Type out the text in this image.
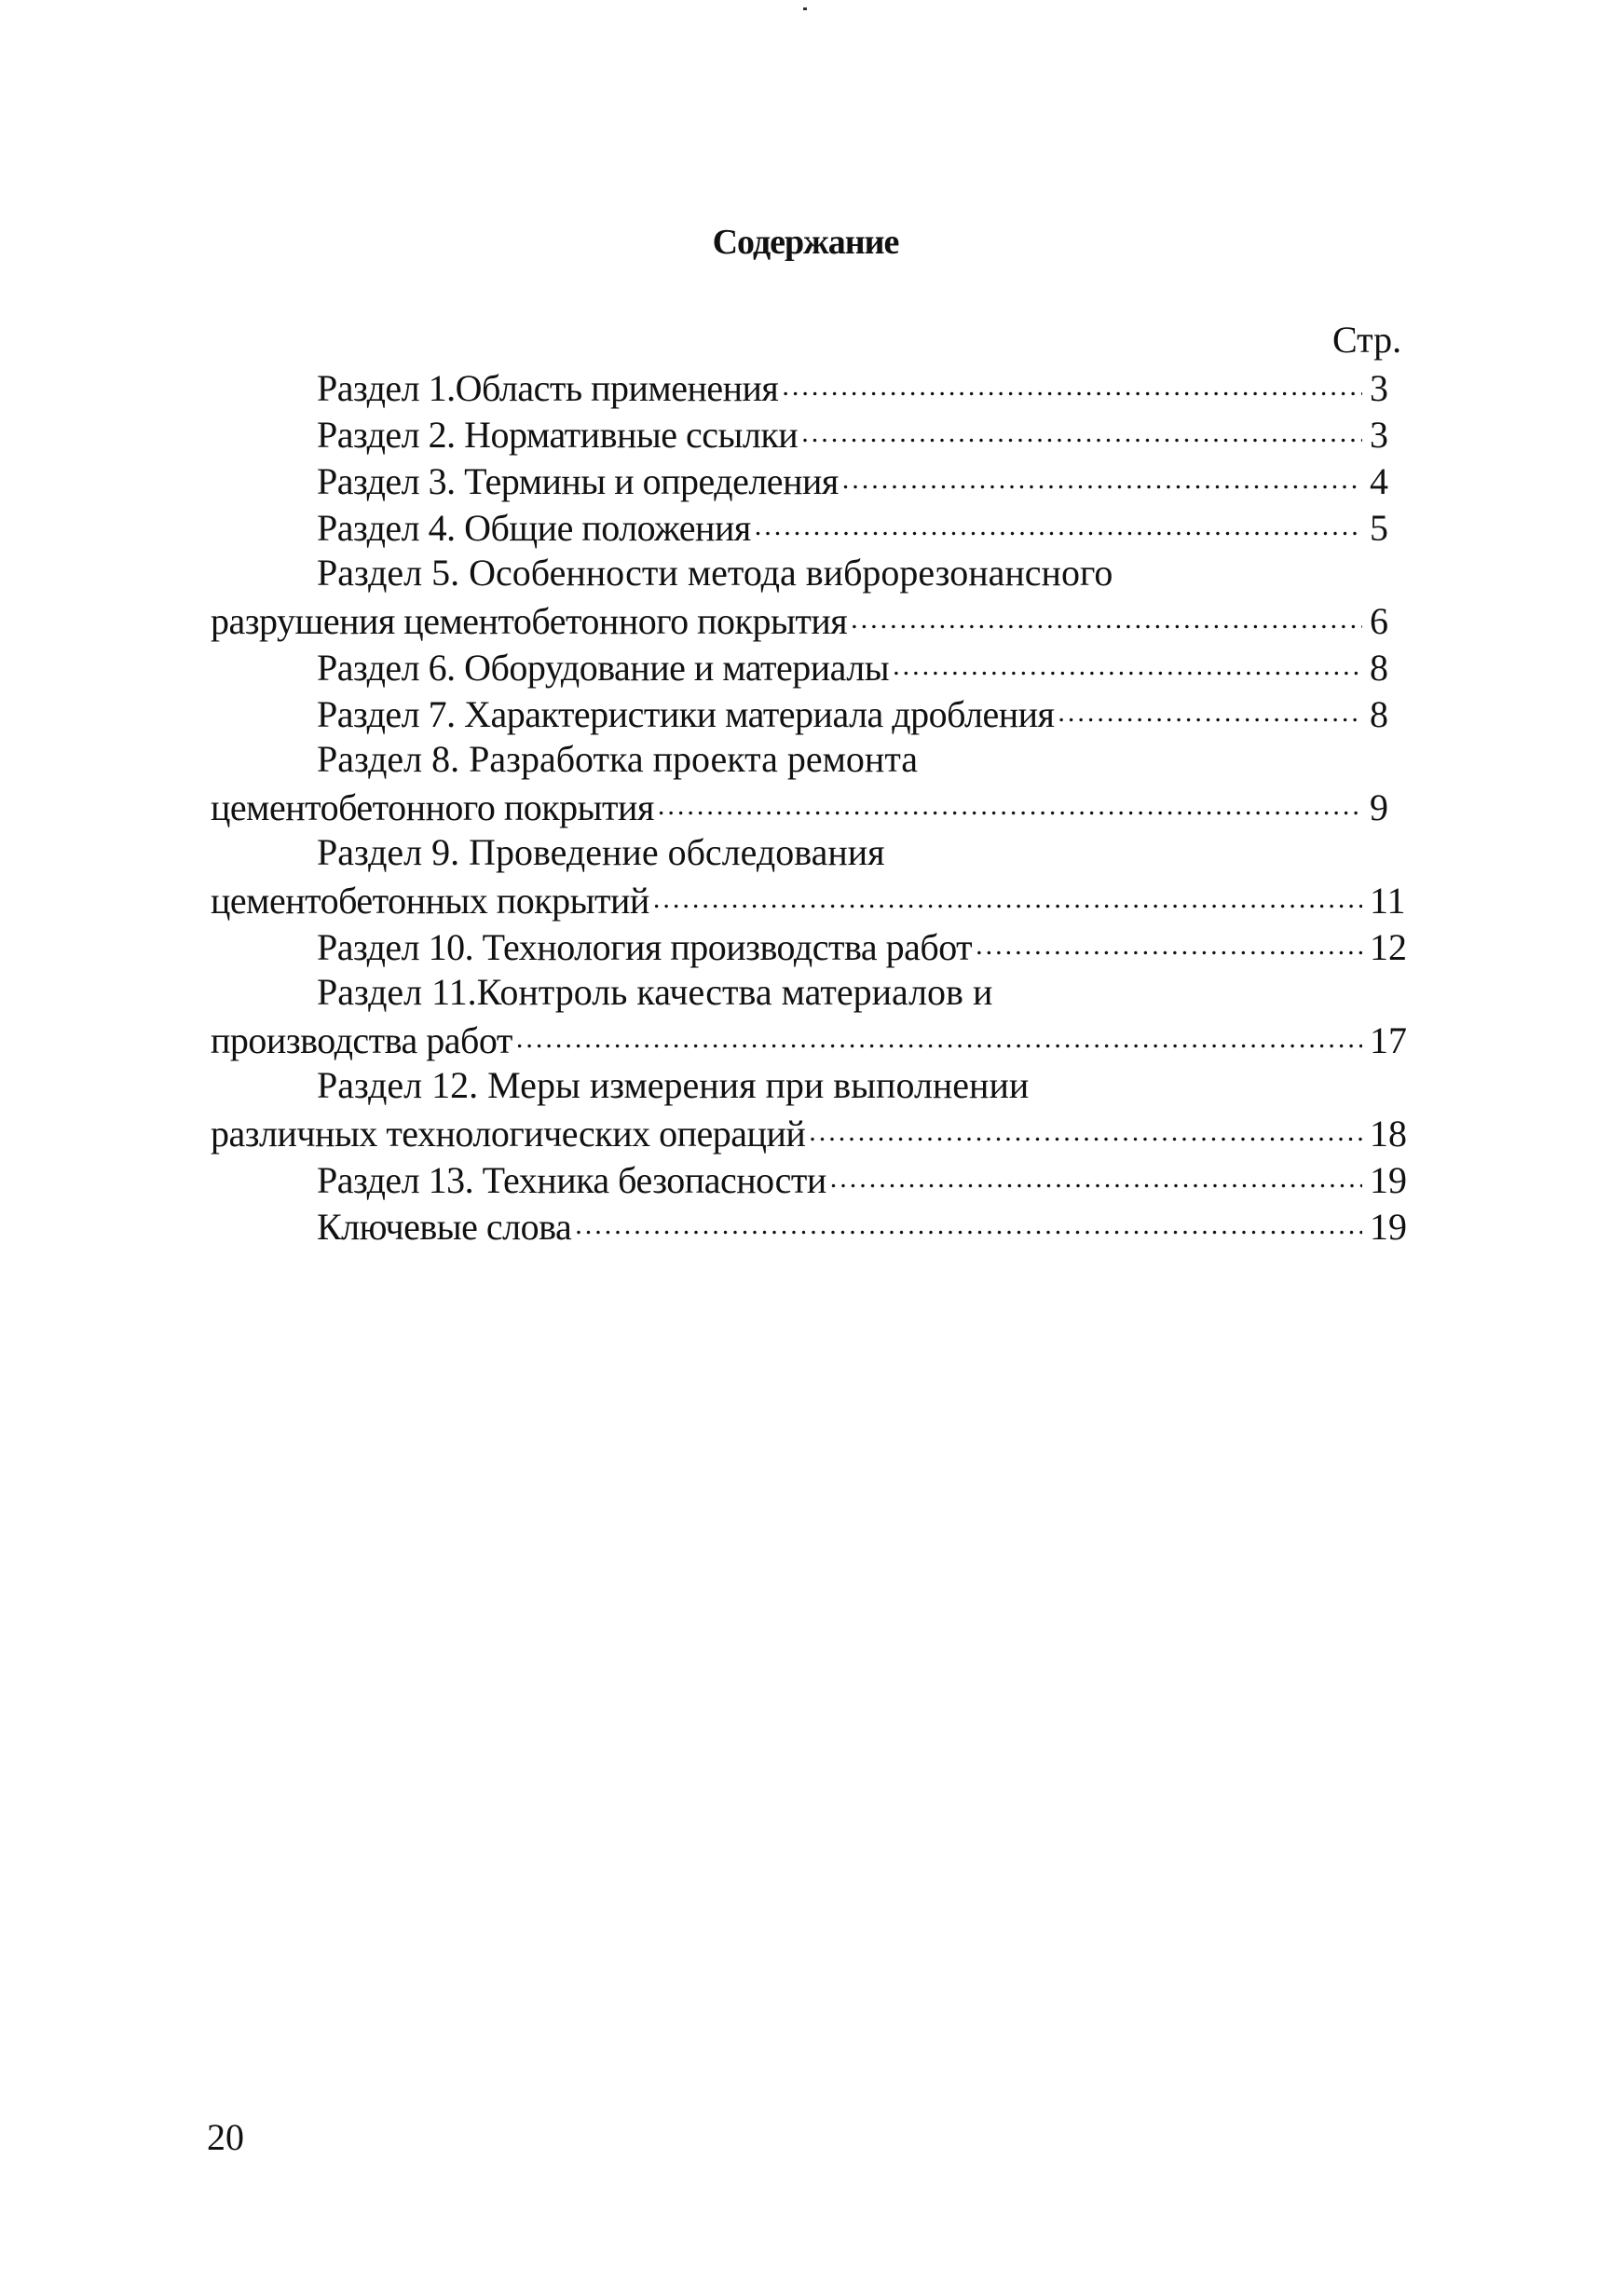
Содержание
Стр.
Раздел 1.Область применения .....	3
Раздел 2. Нормативные ссылки .....	3
Раздел 3. Термины и определения .....	4
Раздел 4. Общие положения .....	5
Раздел 5. Особенности метода виброрезонансного
разрушения цементобетонного покрытия .....	6
Раздел 6. Оборудование и материалы .....	8
Раздел 7. Характеристики материала дробления .....	8
Раздел 8. Разработка проекта ремонта
цементобетонного покрытия .....	9
Раздел 9. Проведение обследования
цементобетонных покрытий .....	11
Раздел 10. Технология производства работ .....	12
Раздел 11.Контроль качества материалов и
производства работ .....	17
Раздел 12. Меры измерения при выполнении
различных технологических операций .....	18
Раздел 13. Техника безопасности .....	19
Ключевые слова .....	19
20
